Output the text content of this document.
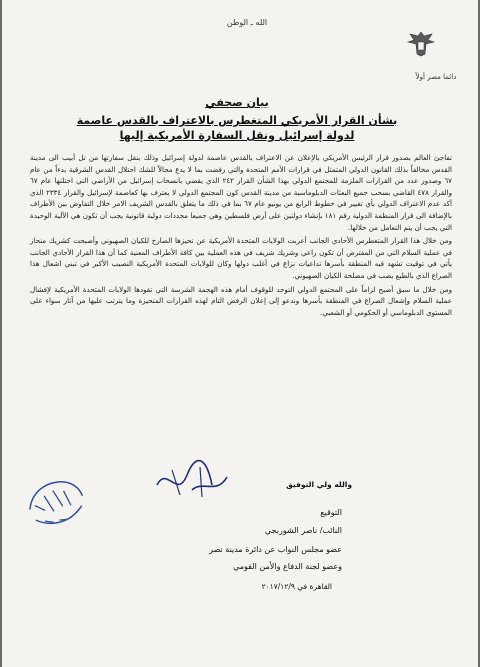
الله ـ الوطن
دائما مصر أولاً
بيان صحفي
بشأن القرار الأمريكي المتغطرس بالاعتراف بالقدس عاصمة
لدولة إسرائيل ونقل السفارة الأمريكية إليها

تفاجئ العالم بصدور قرار الرئيس الأمريكي بالإعلان عن الاعتراف بالقدس عاصمة لدولة إسرائيل وذلك بنقل سفارتها من تل أبيب الى مدينة القدس مخالفاً بذلك القانون الدولي المتمثل في قرارات الأمم المتحدة والتي رفضت بما لا يدع مجالاً للشك احتلال القدس الشرقية بدءاً من عام ٦٧ وصدور عدد من القرارات الملزمة للمجتمع الدولي بهذا الشأن القرار ٢٤٢ الذي يقضي بانسحاب إسرائيل من الأراضي التي احتلتها عام ٦٧ والقرار ٤٧٨ القاضي بسحب جميع البعثات الدبلوماسية من مدينة القدس كون المجتمع الدولي لا يعترف بها كعاصمة لإسرائيل والقرار ٢٣٣٤ الذي أكد عدم الاعتراف الدولي بأي تغيير في خطوط الرابع من يونيو عام ٦٧ بما في ذلك ما يتعلق بالقدس الشريف الامر خلال التفاوض بين الأطراف بالإضافة الى قرار المنظمة الدولية رقم ١٨١ بإنشاء دولتين على أرض فلسطين وهي جميعا محددات دولية قانونية يجب أن تكون هي الآلية الوحيدة التي يجب أن يتم التعامل من خلالها.

ومن خلال هذا القرار المتغطرس الأحادي الجانب أعربت الولايات المتحدة الأمريكية عن تحيزها الصارخ للكيان الصهيوني وأصبحت كشريك منحاز في عملية السلام التي من المفترض أن تكون راعي وشريك شريف في هذه العملية بين كافة الأطراف المعنية كما أن هذا القرار الأحادي الجانب يأتي في توقيت تشهد فيه المنطقة بأسرها تداعيات نزاع في أغلب دولها وكان للولايات المتحدة الأمريكية النصيب الأكبر في تبني اشعال هذا الصراع الذي بالطبع يصب في مصلحة الكيان الصهيوني.

ومن خلال ما سبق أصبح لزاماً على المجتمع الدولي التوحد للوقوف أمام هذه الهجمة الشرسة التي تقودها الولايات المتحدة الأمريكية لإفشال عملية السلام وإشعال الصراع في المنطقة بأسرها وندعو إلى إعلان الرفض التام لهذه القرارات المتحيزة وما يترتب عليها من آثار سواء على المستوى الدبلوماسي أو الحكومي أو الشعبي.

والله ولي التوفيق
التوقيع
النائب/ ناصر الشوربجي
عضو مجلس النواب عن دائرة مدينة نصر
وعضو لجنة الدفاع والأمن القومي
القاهرة في ٢٠١٧/١٢/٩
